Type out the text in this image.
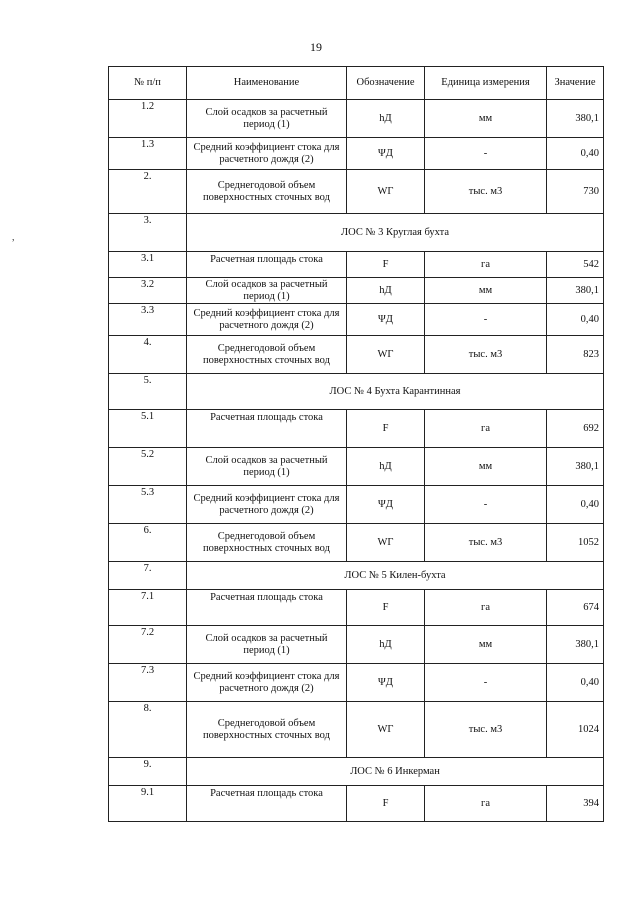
19
,
№ п/п	Наименование	Обозначение	Единица измерения	Значение
1.2	Слой осадков за расчетный период (1)	hД	мм	380,1
1.3	Средний коэффициент стока для расчетного дождя (2)	ΨД	-	0,40
2.	Среднегодовой объем поверхностных сточных вод	WГ	тыс. м3	730
3.	ЛОС № 3 Круглая бухта			
3.1	Расчетная площадь стока	F	га	542
3.2	Слой осадков за расчетный период (1)	hД	мм	380,1
3.3	Средний коэффициент стока для расчетного дождя (2)	ΨД	-	0,40
4.	Среднегодовой объем поверхностных сточных вод	WГ	тыс. м3	823
5.	ЛОС № 4 Бухта Карантинная			
5.1	Расчетная площадь стока	F	га	692
5.2	Слой осадков за расчетный период (1)	hД	мм	380,1
5.3	Средний коэффициент стока для расчетного дождя (2)	ΨД	-	0,40
6.	Среднегодовой объем поверхностных сточных вод	WГ	тыс. м3	1052
7.	ЛОС № 5 Килен-бухта			
7.1	Расчетная площадь стока	F	га	674
7.2	Слой осадков за расчетный период (1)	hД	мм	380,1
7.3	Средний коэффициент стока для расчетного дождя (2)	ΨД	-	0,40
8.	Среднегодовой объем поверхностных сточных вод	WГ	тыс. м3	1024
9.	ЛОС № 6 Инкерман			
9.1	Расчетная площадь стока	F	га	394
